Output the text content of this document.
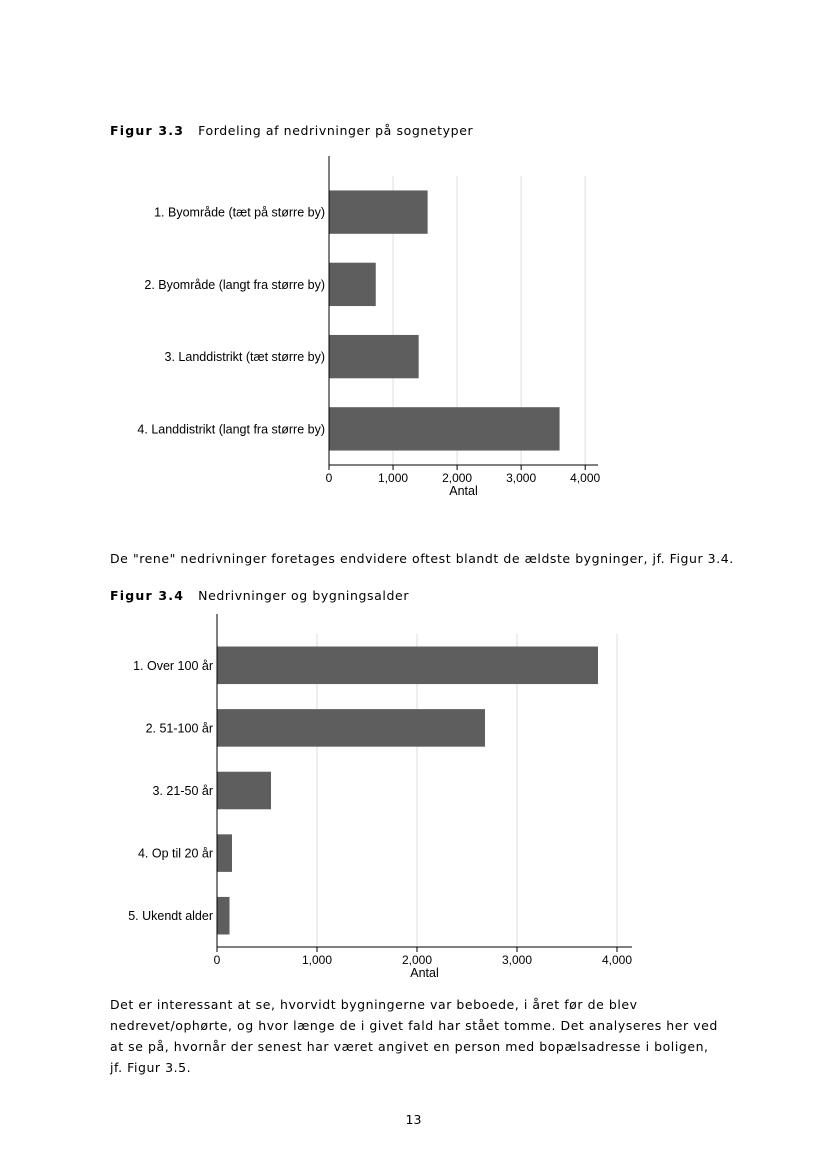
Figur 3.3 Fordeling af nedrivninger på sognetyper
1. Byområde (tæt på større by)
2. Byområde (langt fra større by)
3. Landdistrikt (tæt større by)
4. Landdistrikt (langt fra større by)
0	1,000	2,000	3,000	4,000
Antal
De "rene" nedrivninger foretages endvidere oftest blandt de ældste bygninger, jf. Figur 3.4.
Figur 3.4 Nedrivninger og bygningsalder
1. Over 100 år
2. 51-100 år
3. 21-50 år
4. Op til 20 år
5. Ukendt alder
0	1,000	2,000	3,000	4,000
Antal
Det er interessant at se, hvorvidt bygningerne var beboede, i året før de blev nedrevet/ophørte, og hvor længe de i givet fald har stået tomme. Det analyseres her ved at se på, hvornår der senest har været angivet en person med bopælsadresse i boligen, jf. Figur 3.5.
13
